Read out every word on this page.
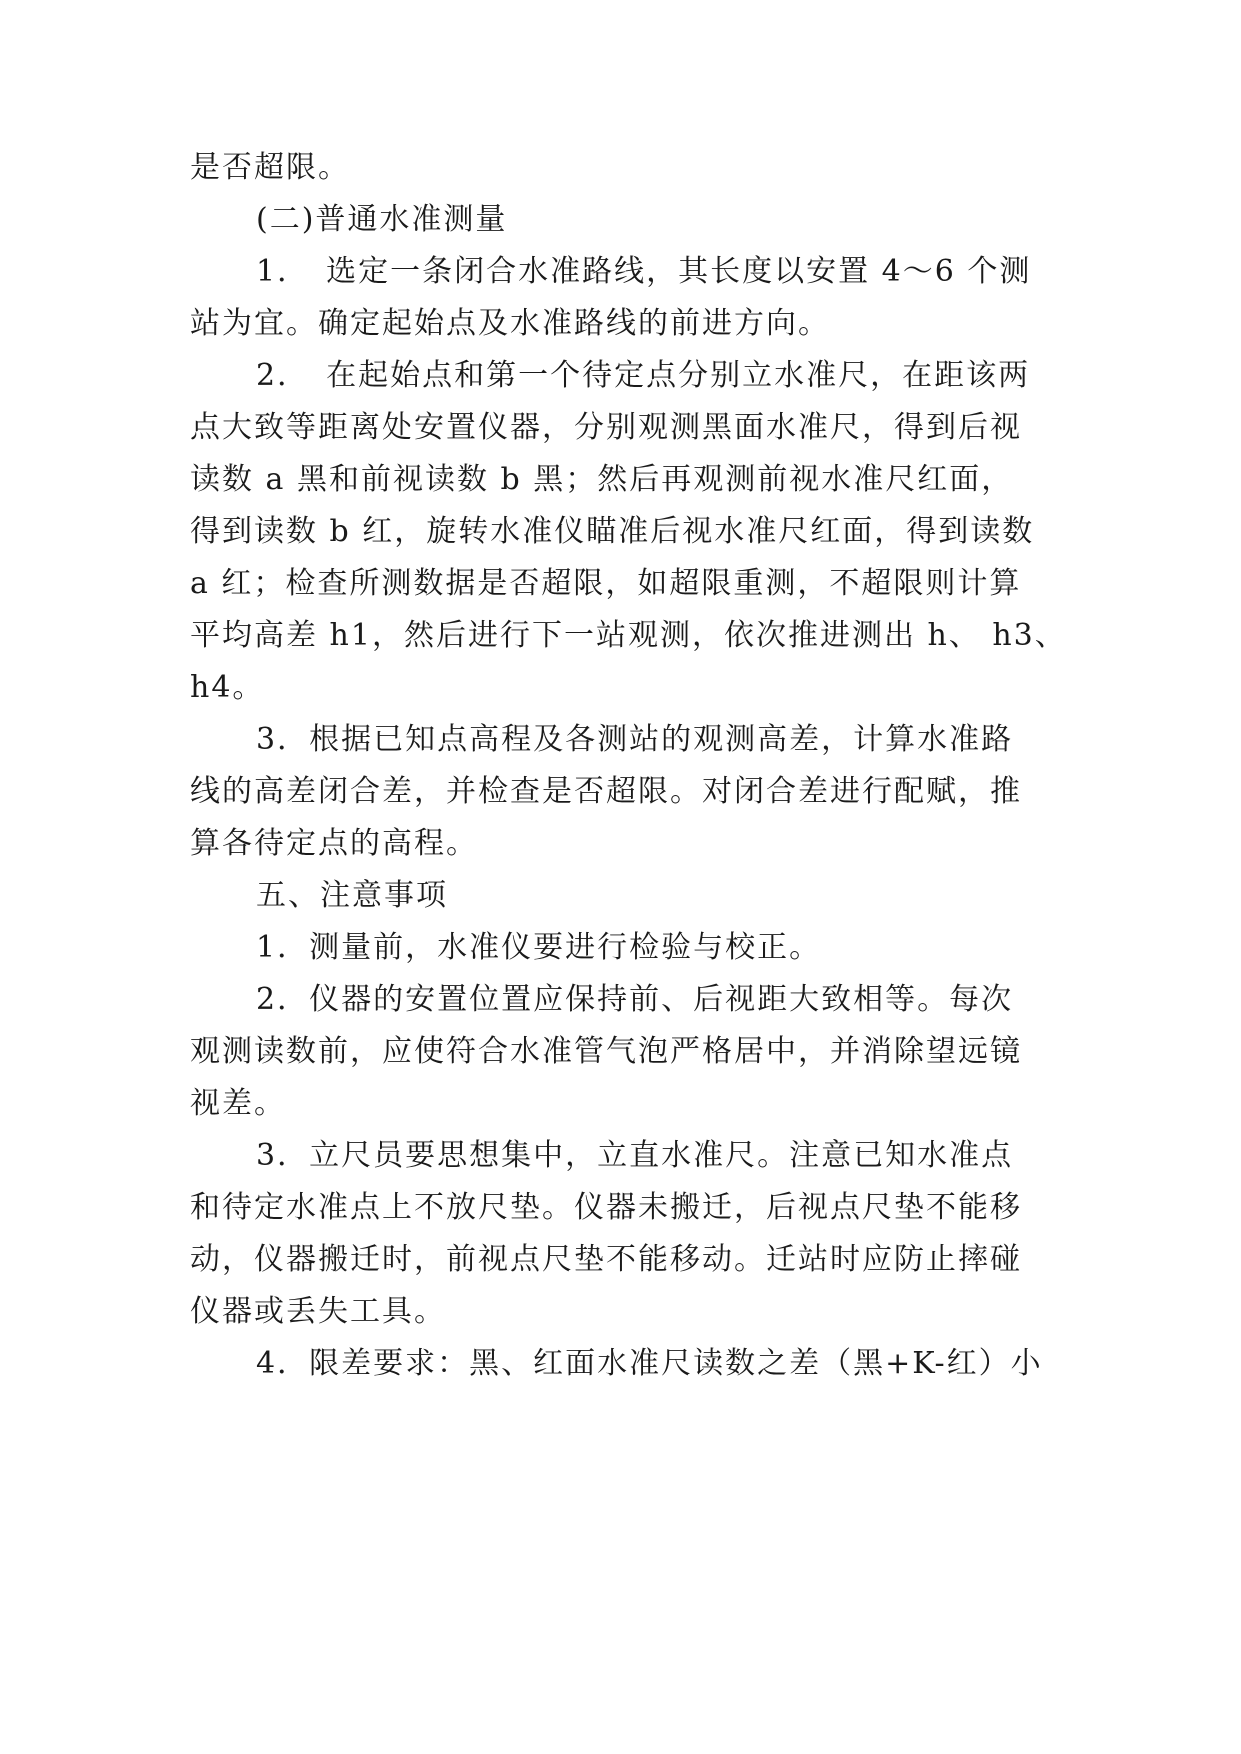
是否超限。
(二)普通水准测量
1．　选定一条闭合水准路线，其长度以安置 4～6 个测
站为宜。确定起始点及水准路线的前进方向。
2．　在起始点和第一个待定点分别立水准尺，在距该两
点大致等距离处安置仪器，分别观测黑面水准尺，得到后视
读数 a 黑和前视读数 b 黑；然后再观测前视水准尺红面，
得到读数 b 红，旋转水准仪瞄准后视水准尺红面，得到读数
a 红；检查所测数据是否超限，如超限重测，不超限则计算
平均高差 h1，然后进行下一站观测，依次推进测出 h、 h3、
h4。
3．根据已知点高程及各测站的观测高差，计算水准路
线的高差闭合差，并检查是否超限。对闭合差进行配赋，推
算各待定点的高程。
五、注意事项
1．测量前，水准仪要进行检验与校正。
2．仪器的安置位置应保持前、后视距大致相等。每次
观测读数前，应使符合水准管气泡严格居中，并消除望远镜
视差。
3．立尺员要思想集中，立直水准尺。注意已知水准点
和待定水准点上不放尺垫。仪器未搬迁，后视点尺垫不能移
动，仪器搬迁时，前视点尺垫不能移动。迁站时应防止摔碰
仪器或丢失工具。
4．限差要求：黑、红面水准尺读数之差（黑+K-红）小
